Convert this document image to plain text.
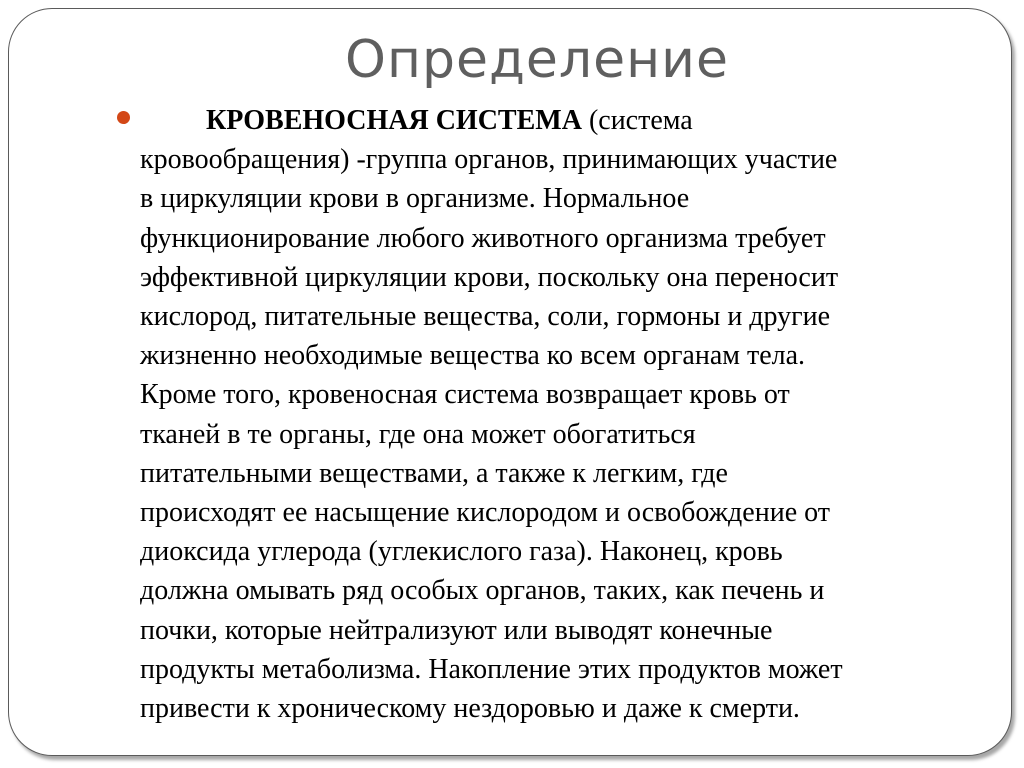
Определение
КРОВЕНОСНАЯ СИСТЕМА (система
кровообращения) -группа органов, принимающих участие
в циркуляции крови в организме. Нормальное
функционирование любого животного организма требует
эффективной циркуляции крови, поскольку она переносит
кислород, питательные вещества, соли, гормоны и другие
жизненно необходимые вещества ко всем органам тела.
Кроме того, кровеносная система возвращает кровь от
тканей в те органы, где она может обогатиться
питательными веществами, а также к легким, где
происходят ее насыщение кислородом и освобождение от
диоксида углерода (углекислого газа). Наконец, кровь
должна омывать ряд особых органов, таких, как печень и
почки, которые нейтрализуют или выводят конечные
продукты метаболизма. Накопление этих продуктов может
привести к хроническому нездоровью и даже к смерти.
